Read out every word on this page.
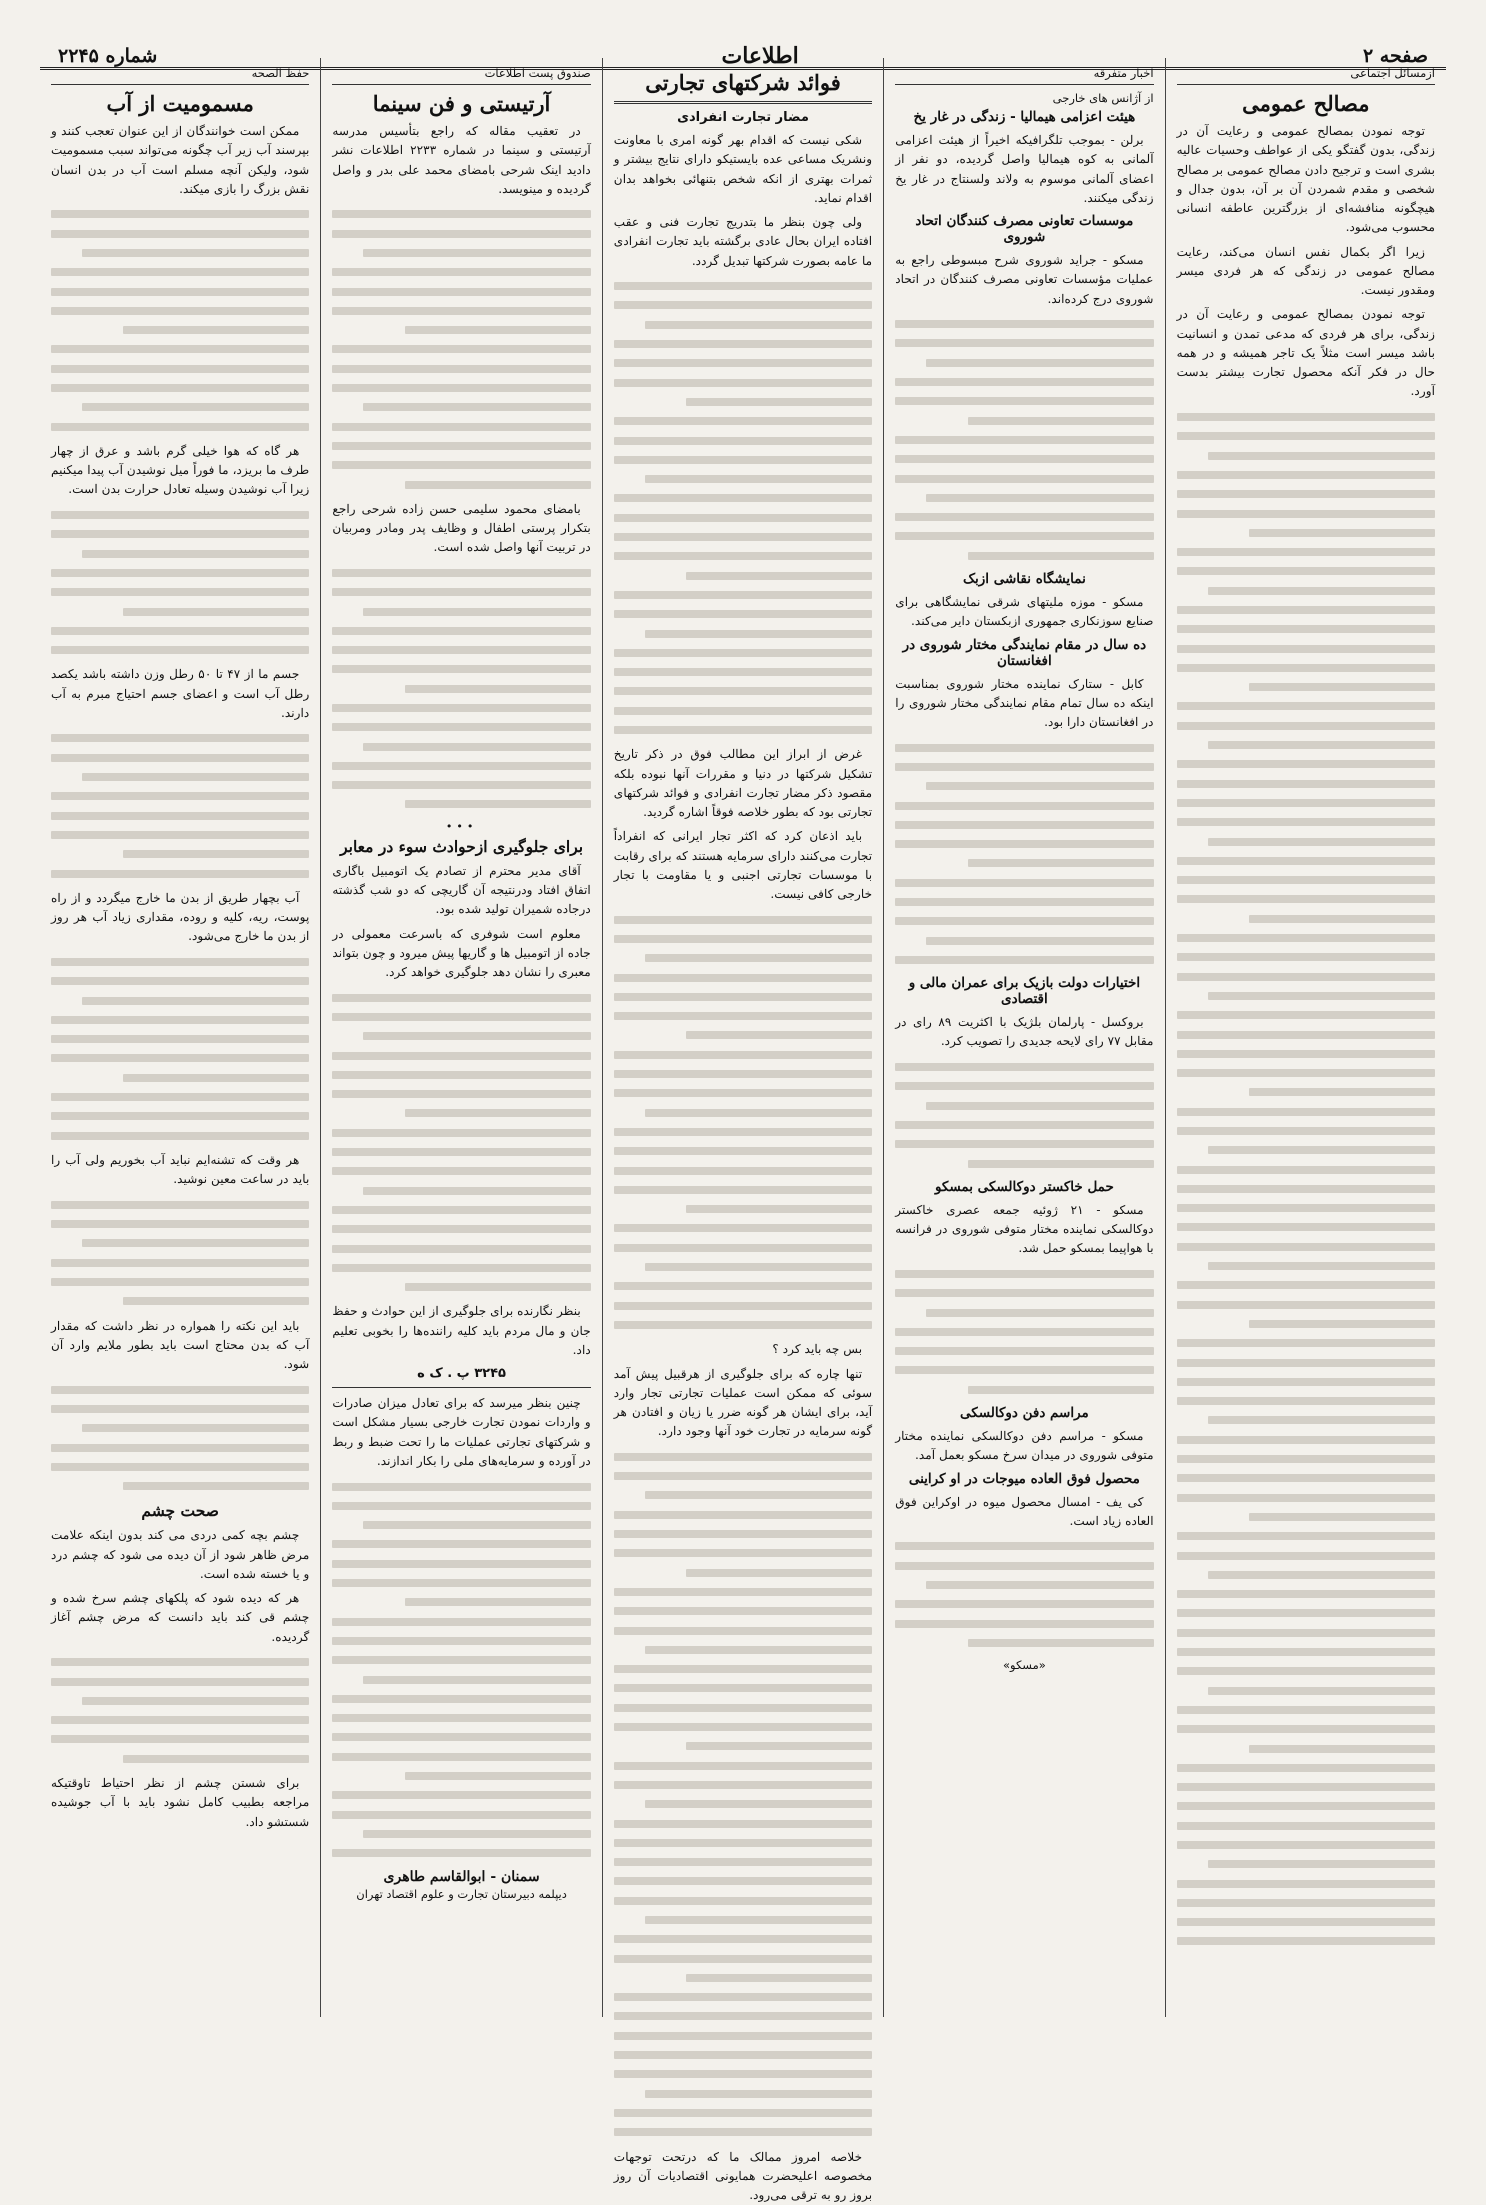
صفحه ۲
اطلاعات
شماره ۲۲۴۵
ازمسائل اجتماعی
مصالح عمومی

توجه نمودن بمصالح عمومی و رعایت آن در زندگی، بدون گفتگو یکی از عواطف وحسیات عالیه بشری است و ترجیح دادن مصالح عمومی بر مصالح شخصی و مقدم شمردن آن بر آن، بدون جدال و هیچگونه منافشه‌ای از بزرگترین عاطفه انسانی محسوب می‌شود.

زیرا اگر بکمال نفس انسان می‌کند، رعایت مصالح عمومی در زندگی که هر فردی میسر ومقدور نیست.

توجه نمودن بمصالح عمومی و رعایت آن در زندگی، برای هر فردی که مدعی تمدن و انسانیت باشد میسر است مثلاً یک تاجر همیشه و در همه حال در فکر آنکه محصول تجارت بیشتر بدست آورد.

اخبار متفرقه
از آژانس های خارجی
هیئت اعزامی هیمالیا - زندگی در غار یخ

برلن - بموجب تلگرافیکه اخیراً از هیئت اعزامی آلمانی به کوه هیمالیا واصل گردیده، دو نفر از اعضای آلمانی موسوم به ولاند ولسنتاج در غار یخ زندگی میکنند.

موسسات تعاونی مصرف کنندگان اتحاد شوروی

مسکو - جراید شوروی شرح مبسوطی راجع به عملیات مؤسسات تعاونی مصرف کنندگان در اتحاد شوروی درج کرده‌اند.

نمایشگاه نقاشی ازبک

مسکو - موزه ملیتهای شرقی نمایشگاهی برای صنایع سوزنکاری جمهوری ازبکستان دایر می‌کند.

ده سال در مقام نمایندگی مختار شوروی در افغانستان

کابل - ستارک نماینده مختار شوروی بمناسبت اینکه ده سال تمام مقام نمایندگی مختار شوروی را در افغانستان دارا بود.

اختیارات دولت بازیک برای عمران مالی و اقتصادی

بروکسل - پارلمان بلژیک با اکثریت ۸۹ رای در مقابل ۷۷ رای لایحه جدیدی را تصویب کرد.

حمل خاکستر دوکالسکی بمسکو

مسکو - ۲۱ ژوئیه جمعه عصری خاکستر دوکالسکی نماینده مختار متوفی شوروی در فرانسه با هواپیما بمسکو حمل شد.

مراسم دفن دوکالسکی

مسکو - مراسم دفن دوکالسکی نماینده مختار متوفی شوروی در میدان سرخ مسکو بعمل آمد.

محصول فوق العاده میوجات در او کراینی

کی یف - امسال محصول میوه در اوکراین فوق العاده زیاد است.

«مسکو»
فوائد شرکتهای تجارتی
مضار تجارت انفرادی

شکی نیست که اقدام بهر گونه امری با معاونت ونشریک مساعی عده بایستیکو دارای نتایج بیشتر و ثمرات بهتری از انکه شخص بتنهائی بخواهد بدان اقدام نماید.

ولی چون بنظر ما بتدریج تجارت فنی و عقب افتاده ایران بحال عادی برگشته باید تجارت انفرادی ما عامه بصورت شرکتها تبدیل گردد.

غرض از ابراز این مطالب فوق در ذکر تاریخ تشکیل شرکتها در دنیا و مقررات آنها نبوده بلکه مقصود ذکر مضار تجارت انفرادی و فوائد شرکتهای تجارتی بود که بطور خلاصه فوقاً اشاره گردید.

باید اذعان کرد که اکثر تجار ایرانی که انفراداً تجارت می‌کنند دارای سرمایه هستند که برای رقابت با موسسات تجارتی اجنبی و یا مقاومت با تجار خارجی کافی نیست.

بس چه باید کرد ؟

تنها چاره که برای جلوگیری از هرقبیل پیش آمد سوئی که ممکن است عملیات تجارتی تجار وارد آید، برای ایشان هر گونه ضرر یا زیان و افتادن هر گونه سرمایه در تجارت خود آنها وجود دارد.

خلاصه امروز ممالک ما که درتحت توجهات مخصوصه اعلیحضرت همایونی اقتصادیات آن روز بروز رو به ترقی می‌رود.

صندوق پست اطلاعات
آرتیستی و فن سینما

در تعقیب مقاله که راجع بتأسیس مدرسه آرتیستی و سینما در شماره ۲۲۳۳ اطلاعات نشر دادید اینک شرحی بامضای محمد علی بدر و واصل گردیده و مینویسد.

بامضای محمود سلیمی حسن زاده شرحی راجع بتکرار پرستی اطفال و وظایف پدر ومادر ومربیان در تربیت آنها واصل شده است.

•••
برای جلوگیری ازحوادث سوء در معابر

آقای مدیر محترم از تصادم یک اتومبیل باگاری اتفاق افتاد ودرنتیجه آن گاریچی که دو شب گذشته درجاده شمیران تولید شده بود.

معلوم است شوفری که باسرعت معمولی در جاده از اتومبیل ها و گاریها پیش میرود و چون بتواند معبری را نشان دهد جلوگیری خواهد کرد.

بنظر نگارنده برای جلوگیری از این حوادث و حفظ جان و مال مردم باید کلیه راننده‌ها را بخوبی تعلیم داد.

۳۲۴۵ پ . ک ه

چنین بنظر میرسد که برای تعادل میزان صادرات و واردات نمودن تجارت خارجی بسیار مشکل است و شرکتهای تجارتی عملیات ما را تحت ضبط و ربط در آورده و سرمایه‌های ملی را بکار اندازند.

سمنان - ابوالقاسم طاهری
دیپلمه دبیرستان تجارت و علوم اقتصاد تهران
حفظ الصحه
مسمومیت از آب

ممکن است خوانندگان از این عنوان تعجب کنند و بپرسند آب زیر آب چگونه می‌تواند سبب مسمومیت شود، ولیکن آنچه مسلم است آب در بدن انسان نقش بزرگ را بازی میکند.

هر گاه که هوا خیلی گرم باشد و عرق از چهار طرف ما بریزد، ما فوراً میل نوشیدن آب پیدا میکنیم زیرا آب نوشیدن وسیله تعادل حرارت بدن است.

جسم ما از ۴۷ تا ۵۰ رطل وزن داشته باشد یکصد رطل آب است و اعضای جسم احتیاج مبرم به آب دارند.

آب بچهار طریق از بدن ما خارج میگردد و از راه پوست، ریه، کلیه و روده، مقداری زیاد آب هر روز از بدن ما خارج می‌شود.

هر وقت که تشنه‌ایم نباید آب بخوریم ولی آب را باید در ساعت معین نوشید.

باید این نکته را همواره در نظر داشت که مقدار آب که بدن محتاج است باید بطور ملایم وارد آن شود.

صحت چشم

چشم بچه کمی دردی می کند بدون اینکه علامت مرض ظاهر شود از آن دیده می شود که چشم درد و یا خسته شده است.

هر که دیده شود که پلکهای چشم سرخ شده و چشم قی کند باید دانست که مرض چشم آغاز گردیده.

برای شستن چشم از نظر احتیاط تاوقتیکه مراجعه بطبیب کامل نشود باید با آب جوشیده شستشو داد.
